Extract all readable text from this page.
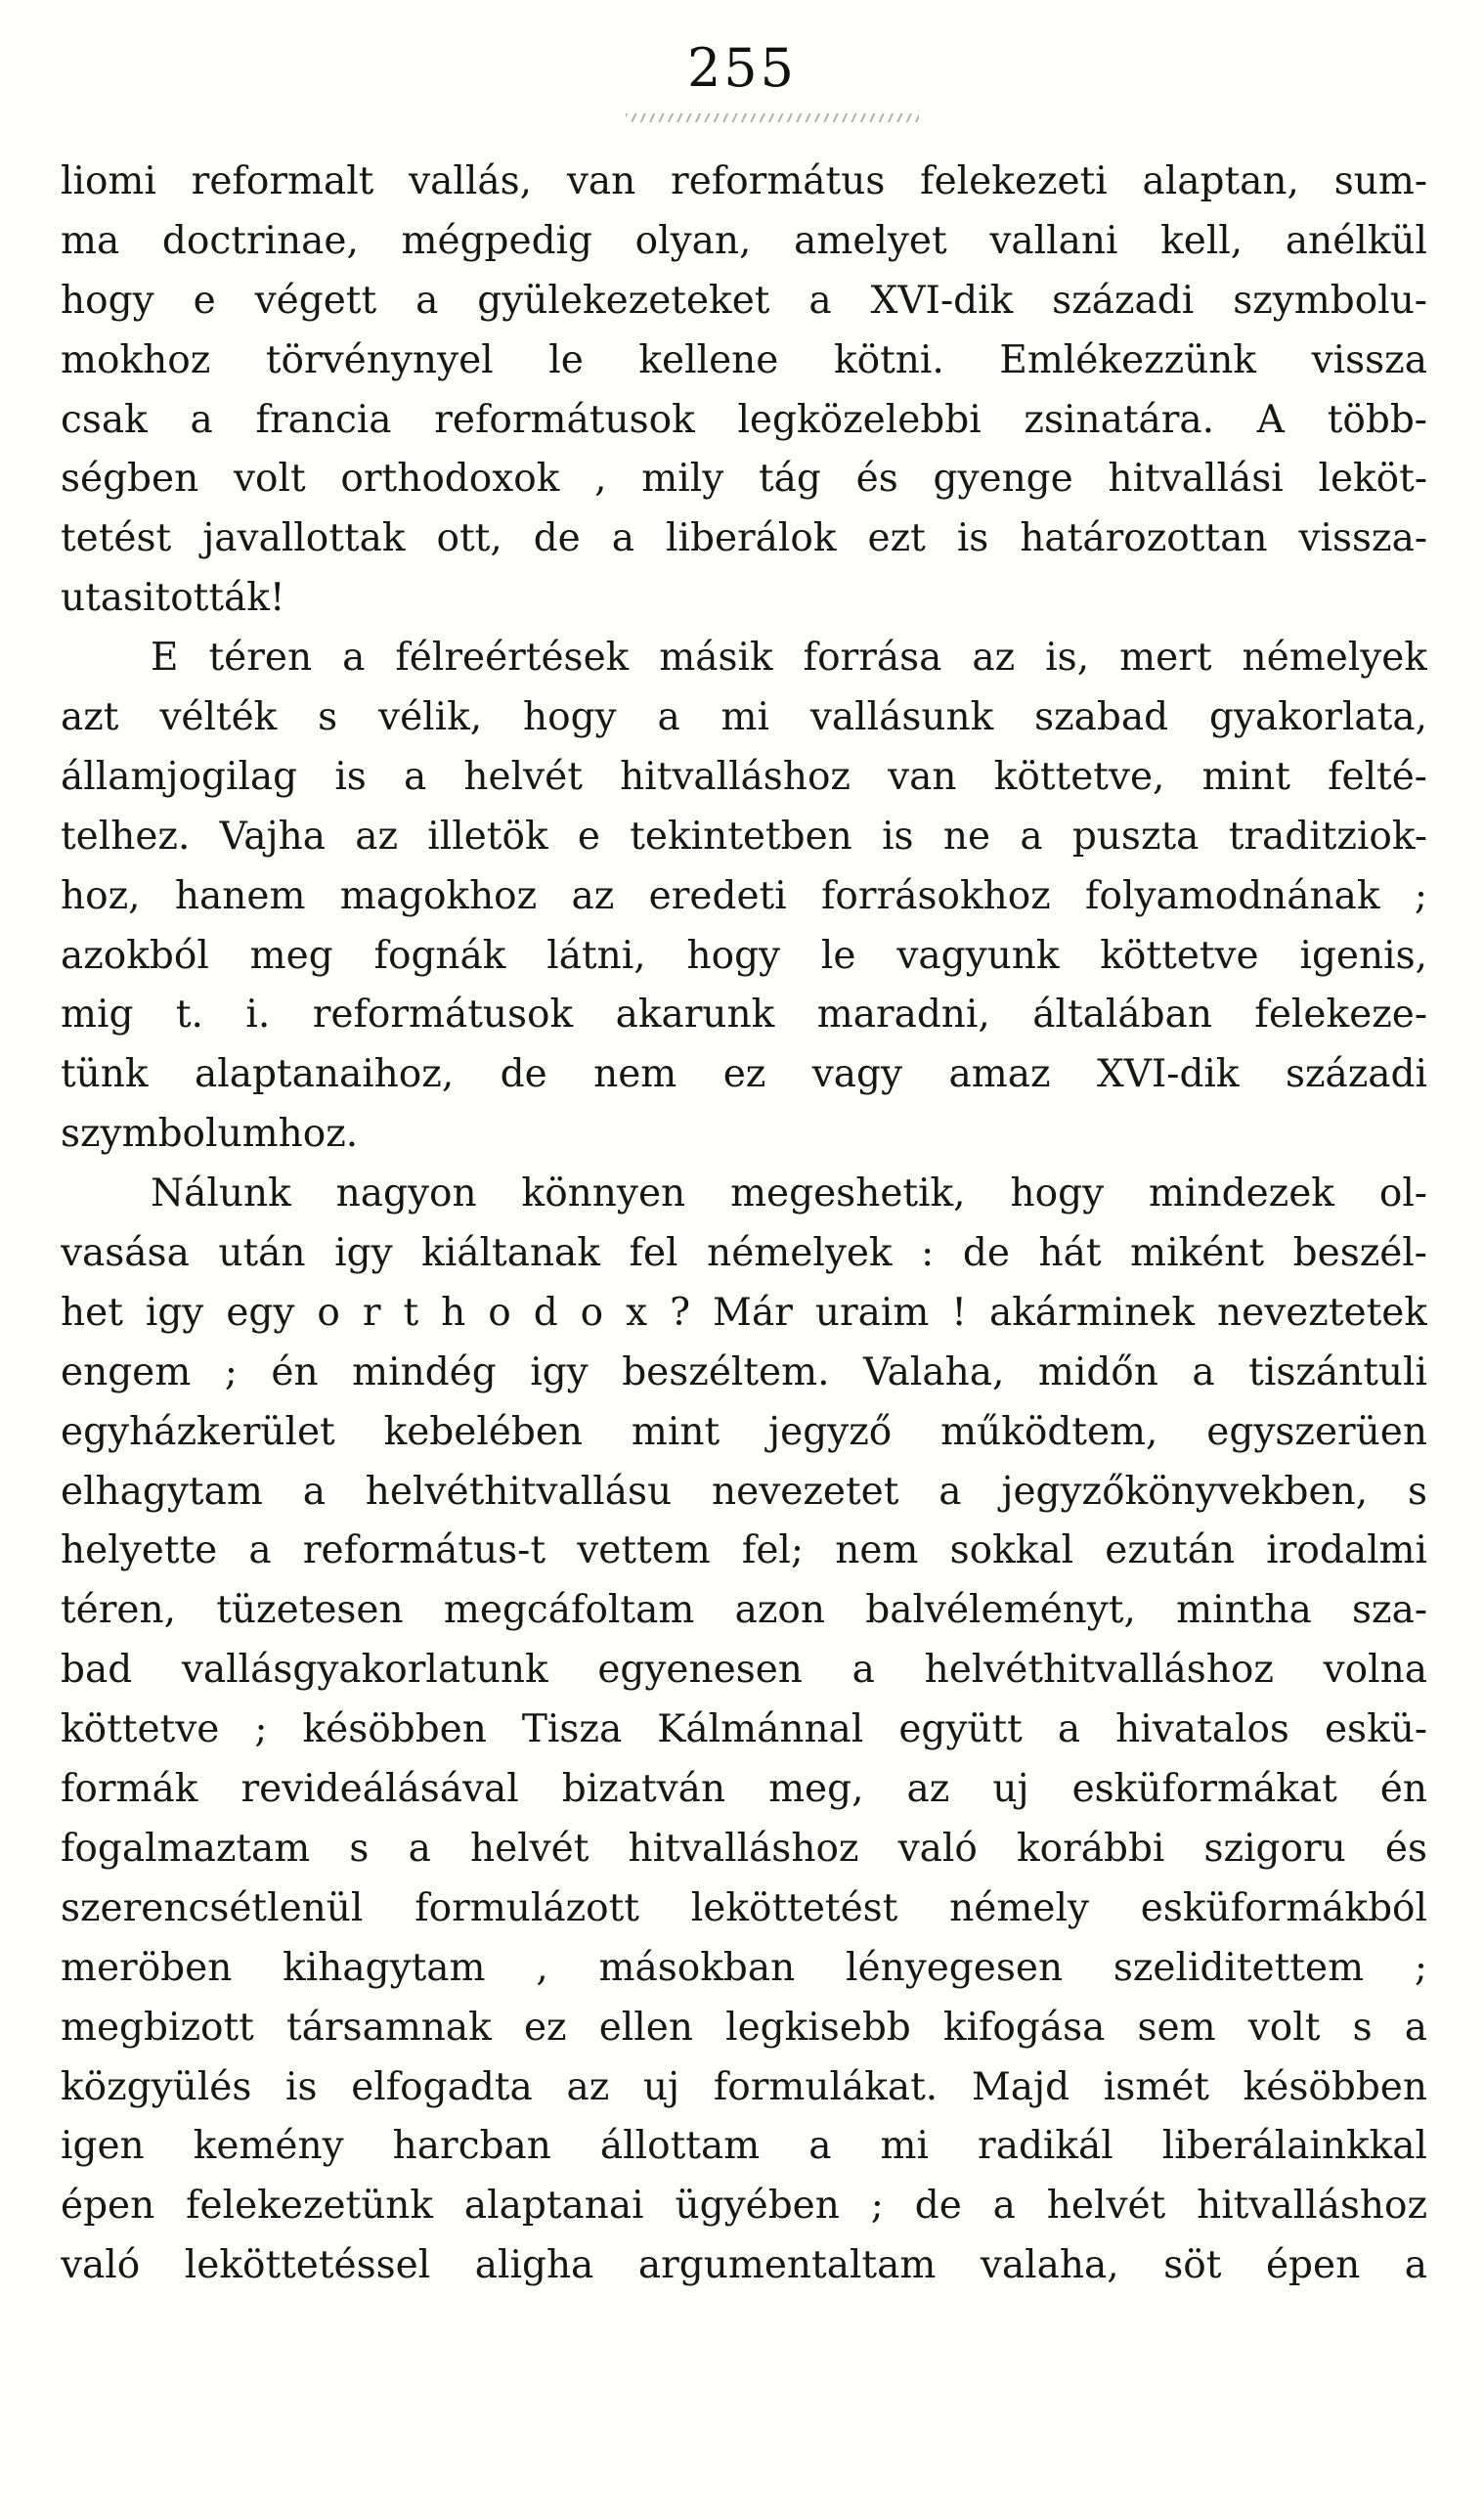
255
liomi reformalt vallás, van református felekezeti alaptan, sum-
ma doctrinae, mégpedig olyan, amelyet vallani kell, anélkül
hogy e végett a gyülekezeteket a XVI-dik századi szymbolu-
mokhoz törvénynyel le kellene kötni. Emlékezzünk vissza
csak a francia reformátusok legközelebbi zsinatára. A több-
ségben volt orthodoxok , mily tág és gyenge hitvallási leköt-
tetést javallottak ott, de a liberálok ezt is határozottan vissza-
utasitották!
E téren a félreértések másik forrása az is, mert némelyek
azt vélték s vélik, hogy a mi vallásunk szabad gyakorlata,
államjogilag is a helvét hitvalláshoz van köttetve, mint felté-
telhez. Vajha az illetök e tekintetben is ne a puszta traditziok-
hoz, hanem magokhoz az eredeti forrásokhoz folyamodnának ;
azokból meg fognák látni, hogy le vagyunk köttetve igenis,
mig t. i. reformátusok akarunk maradni, általában felekeze-
tünk alaptanaihoz, de nem ez vagy amaz XVI-dik századi
szymbolumhoz.
Nálunk nagyon könnyen megeshetik, hogy mindezek ol-
vasása után igy kiáltanak fel némelyek : de hát miként beszél-
het igy egy o r t h o d o x ? Már uraim ! akárminek neveztetek
engem ; én mindég igy beszéltem. Valaha, midőn a tiszántuli
egyházkerület kebelében mint jegyző működtem, egyszerüen
elhagytam a helvéthitvallásu nevezetet a jegyzőkönyvekben, s
helyette a református-t vettem fel; nem sokkal ezután irodalmi
téren, tüzetesen megcáfoltam azon balvéleményt, mintha sza-
bad vallásgyakorlatunk egyenesen a helvéthitvalláshoz volna
köttetve ; késöbben Tisza Kálmánnal együtt a hivatalos eskü-
formák revideálásával bizatván meg, az uj esküformákat én
fogalmaztam s a helvét hitvalláshoz való korábbi szigoru és
szerencsétlenül formulázott leköttetést némely esküformákból
meröben kihagytam , másokban lényegesen szeliditettem ;
megbizott társamnak ez ellen legkisebb kifogása sem volt s a
közgyülés is elfogadta az uj formulákat. Majd ismét késöbben
igen kemény harcban állottam a mi radikál liberálainkkal
épen felekezetünk alaptanai ügyében ; de a helvét hitvalláshoz
való leköttetéssel aligha argumentaltam valaha, söt épen a
